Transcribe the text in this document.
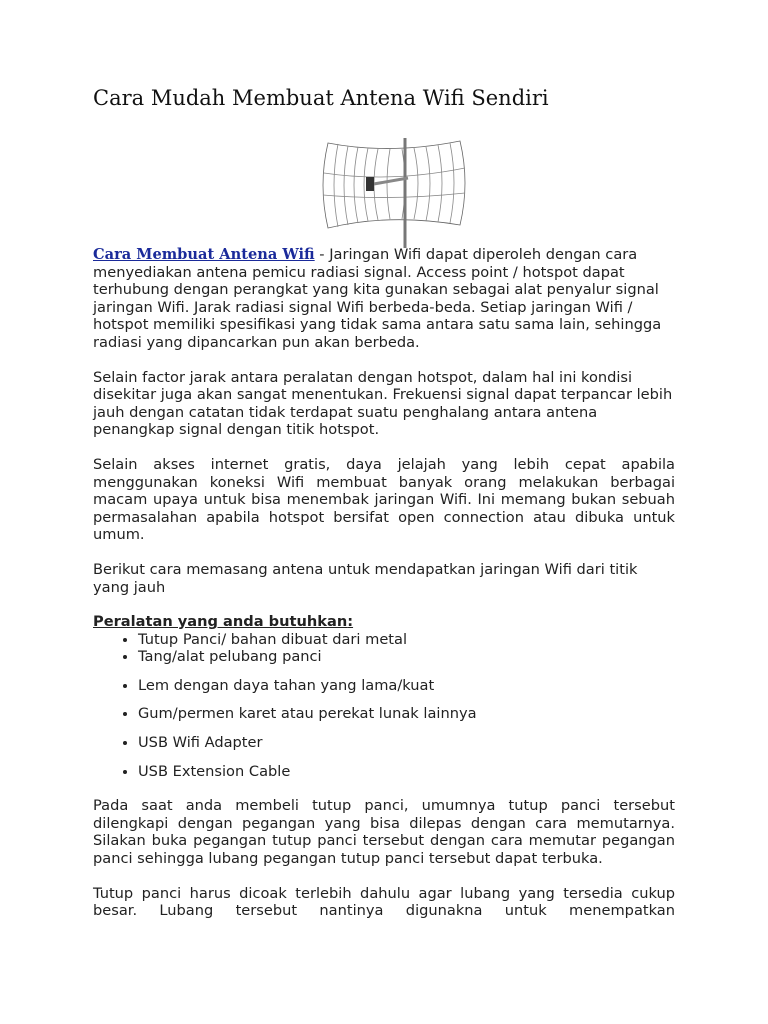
Cara Mudah Membuat Antena Wifi Sendiri

Cara Membuat Antena Wifi - Jaringan Wifi dapat diperoleh dengan cara menyediakan antena pemicu radiasi signal. Access point / hotspot dapat terhubung dengan perangkat yang kita gunakan sebagai alat penyalur signal jaringan Wifi. Jarak radiasi signal Wifi berbeda-beda. Setiap jaringan Wifi / hotspot memiliki spesifikasi yang tidak sama antara satu sama lain, sehingga radiasi yang dipancarkan pun akan berbeda.

Selain factor jarak antara peralatan dengan hotspot, dalam hal ini kondisi disekitar juga akan sangat menentukan. Frekuensi signal dapat terpancar lebih jauh dengan catatan tidak terdapat suatu penghalang antara antena penangkap signal dengan titik hotspot.

Selain akses internet gratis, daya jelajah yang lebih cepat apabila menggunakan koneksi Wifi membuat banyak orang melakukan berbagai macam upaya untuk bisa menembak jaringan Wifi. Ini memang bukan sebuah permasalahan apabila hotspot bersifat open connection atau dibuka untuk umum.

Berikut cara memasang antena untuk mendapatkan jaringan Wifi dari titik yang jauh

Peralatan yang anda butuhkan:

• Tutup Panci/ bahan dibuat dari metal
• Tang/alat pelubang panci
• Lem dengan daya tahan yang lama/kuat
• Gum/permen karet atau perekat lunak lainnya
• USB Wifi Adapter
• USB Extension Cable

Pada saat anda membeli tutup panci, umumnya tutup panci tersebut dilengkapi dengan pegangan yang bisa dilepas dengan cara memutarnya. Silakan buka pegangan tutup panci tersebut dengan cara memutar pegangan panci sehingga lubang pegangan tutup panci tersebut dapat terbuka.

Tutup panci harus dicoak terlebih dahulu agar lubang yang tersedia cukup besar. Lubang tersebut nantinya digunakna untuk menempatkan
